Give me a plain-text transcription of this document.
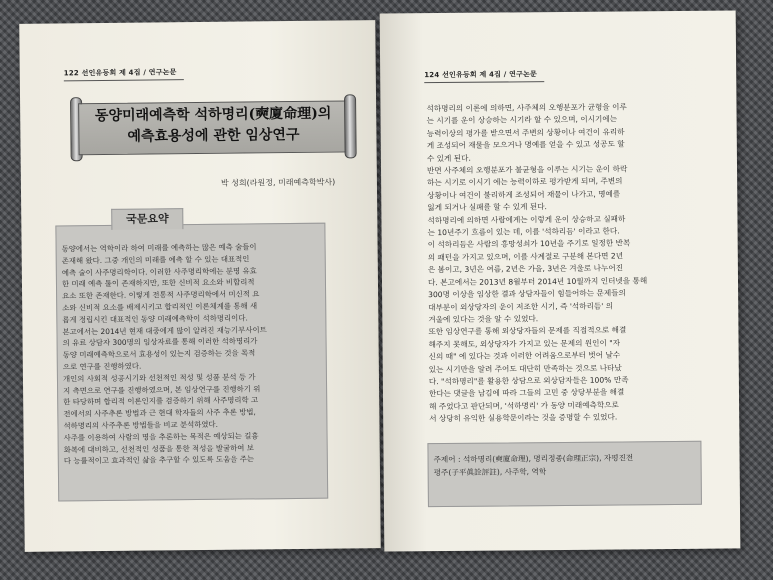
122 선인유등회 제 4집 / 연구논문
동양미래예측학 석하명리(奭廈命理)의
예측효용성에 관한 임상연구
박 성희(라원정, 미래예측학박사)
국문요약
동양에서는 역학이라 하여 미래를 예측하는 많은 예측 술들이
존재해 왔다. 그중 개인의 미래를 예측 할 수 있는 대표적인
예측 술이 사주명리학이다. 이러한 사주명리학에는 분명 유효
한 미래 예측 툴이 존재하지만, 또한 신비적 요소와 비합리적
요소 또한 존재한다. 이렇게 전통적 사주명리학에서 미신적 요
소와 신비적 요소를 배제시키고 합리적인 이론체계를 통해 새
롭게 정립시킨 대표적인 동양 미래예측학이 석하명리이다.
본고에서는 2014년 현재 대중에게 많이 알려진 재능기부사이트
의 유료 상담자 300명의 임상자료를 통해 이러한 석하명리가
동양 미래예측학으로서 효용성이 있는지 검증하는 것을 목적
으로 연구를 진행하였다.
개인의 사회적 성공시기와 선천적인 적성 및 성품 분석 등 가
지 측면으로 연구를 진행하였으며, 본 임상연구를 진행하기 위
한 타당하며 합리적 이론인지를 검증하기 위해 사주명리학 고
전에서의 사주추론 방법과 근 현대 학자들의 사주 추론 방법,
석하명리의 사주추론 방법들을 비교 분석하였다.
사주를 이용하여 사람의 명을 추론하는 목적은 예상되는 길흉
화복에 대비하고, 선천적인 성품을 통한 적성을 발굴하여 보
다 능률적이고 효과적인 삶을 추구할 수 있도록 도움을 주는
124 선인유등회 제 4집 / 연구논문
석하명리의 이론에 의하면, 사주체의 오행분포가 균형을 이루
는 시기를 운이 상승하는 시기라 할 수 있으며, 이시기에는
능력이상의 평가를 받으면서 주변의 상황이나 여건이 유리하
게 조성되어 재물을 모으거나 명예를 얻을 수 있고 성공도 할
수 있게 된다.
반면 사주체의 오행분포가 불균형을 이루는 시기는 운이 하락
하는 시기로 이시기 에는 능력이하로 평가받게 되며, 주변의
상황이나 여건이 불리하게 조성되어 재물이 나가고, 명예를
잃게 되거나 실패를 할 수 있게 된다.
석하명리에 의하면 사람에게는 이렇게 운이 상승하고 실패하
는 10년주기 흐름이 있는 데, 이를 '석하리듬' 이라고 한다.
이 석하리듬은 사람의 흥망성쇠가 10년을 주기로 일정한 반복
의 패턴을 가지고 있으며, 이를 사계절로 구분해 본다면 2년
은 봄이고, 3년은 여름, 2년은 가을, 3년은 겨울로 나누어진
다. 본고에서는 2013년 8월부터 2014년 10월까지 인터넷을 통해
300명 이상을 임상한 결과 상담자들이 힘들어하는 문제들의
대부분이 외상당자의 운이 저조한 시기, 즉 '석하리듬' 의
겨울에 있다는 것을 알 수 있었다.
또한 임상연구를 통해 외상당자들의 문제를 직접적으로 해결
해주지 못해도, 외상당자가 가지고 있는 문제의 원인이 "자
신의 때" 에 있다는 것과 이러한 어려움으로부터 벗어 날수
있는 시기만을 알려 주어도 대단히 만족하는 것으로 나타났
다. "석하명리"를 활용한 상담으로 외상담자들은 100% 만족
한다는 댓글을 남김에 따라 그들의 고민 중 상당부분을 해결
해 주었다고 판단되며, '석하명리' 가 동양 미래예측학으로
서 상당히 유익한 실용학문이라는 것을 증명할 수 있었다.
주제어 : 석하명리(奭廈命理), 명리정종(命理正宗), 자평진전
평주(子平眞詮評註), 사주학, 역학
